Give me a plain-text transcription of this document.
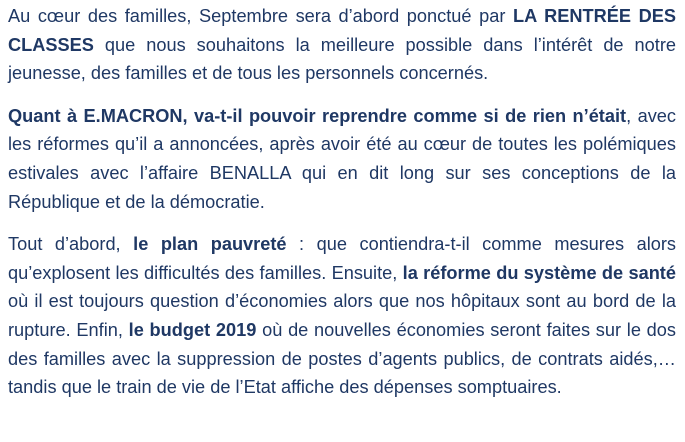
Au cœur des familles, Septembre sera d’abord ponctué par LA RENTRÉE DES CLASSES que nous souhaitons la meilleure possible dans l’intérêt de notre jeunesse, des familles et de tous les personnels concernés.

Quant à E.MACRON, va-t-il pouvoir reprendre comme si de rien n’était, avec les réformes qu’il a annoncées, après avoir été au cœur de toutes les polémiques estivales avec l’affaire BENALLA qui en dit long sur ses conceptions de la République et de la démocratie.

Tout d’abord, le plan pauvreté : que contiendra-t-il comme mesures alors qu’explosent les difficultés des familles. Ensuite, la réforme du système de santé où il est toujours question d’économies alors que nos hôpitaux sont au bord de la rupture. Enfin, le budget 2019 où de nouvelles économies seront faites sur le dos des familles avec la suppression de postes d’agents publics, de contrats aidés,… tandis que le train de vie de l’Etat affiche des dépenses somptuaires.
